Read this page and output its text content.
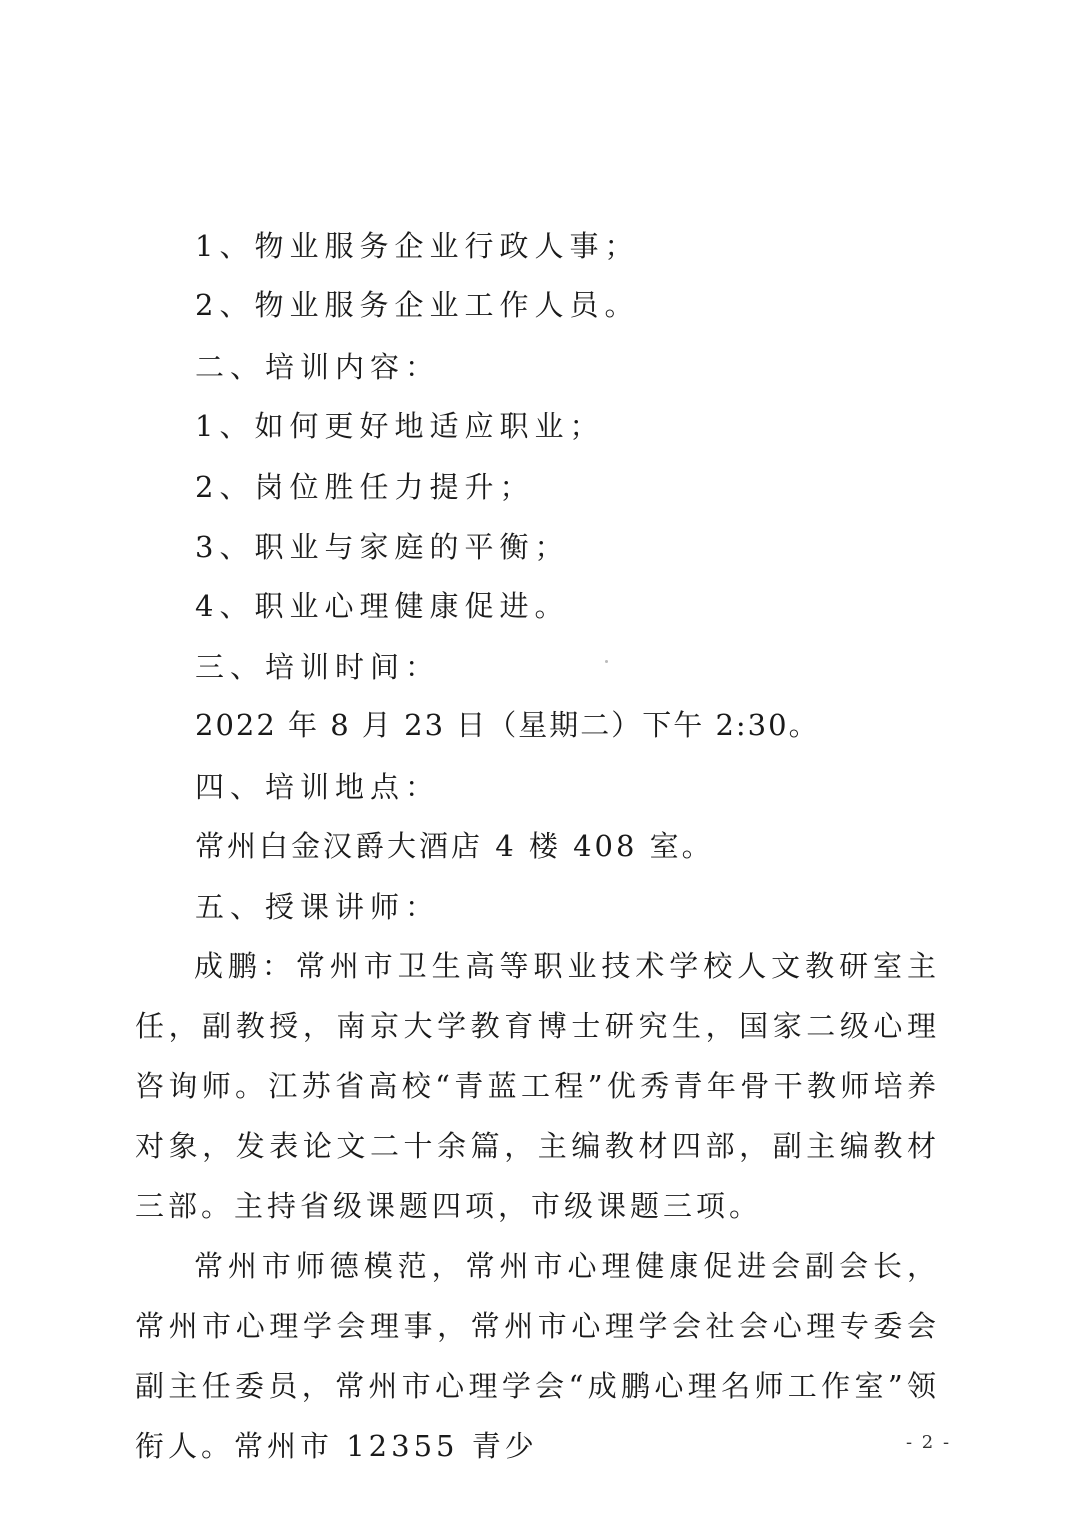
1、物业服务企业行政人事；
2、物业服务企业工作人员。
二、培训内容：
1、如何更好地适应职业；
2、岗位胜任力提升；
3、职业与家庭的平衡；
4、职业心理健康促进。
三、培训时间：
2022 年 8 月 23 日（星期二）下午 2:30。
四、培训地点：
常州白金汉爵大酒店 4 楼 408 室。
五、授课讲师：
成鹏：常州市卫生高等职业技术学校人文教研室主任，副教授，南京大学教育博士研究生，国家二级心理咨询师。江苏省高校“青蓝工程”优秀青年骨干教师培养对象，发表论文二十余篇，主编教材四部，副主编教材三部。主持省级课题四项，市级课题三项。
常州市师德模范，常州市心理健康促进会副会长，常州市心理学会理事，常州市心理学会社会心理专委会副主任委员，常州市心理学会“成鹏心理名师工作室”领衔人。常州市 12355 青少	- 2 -
